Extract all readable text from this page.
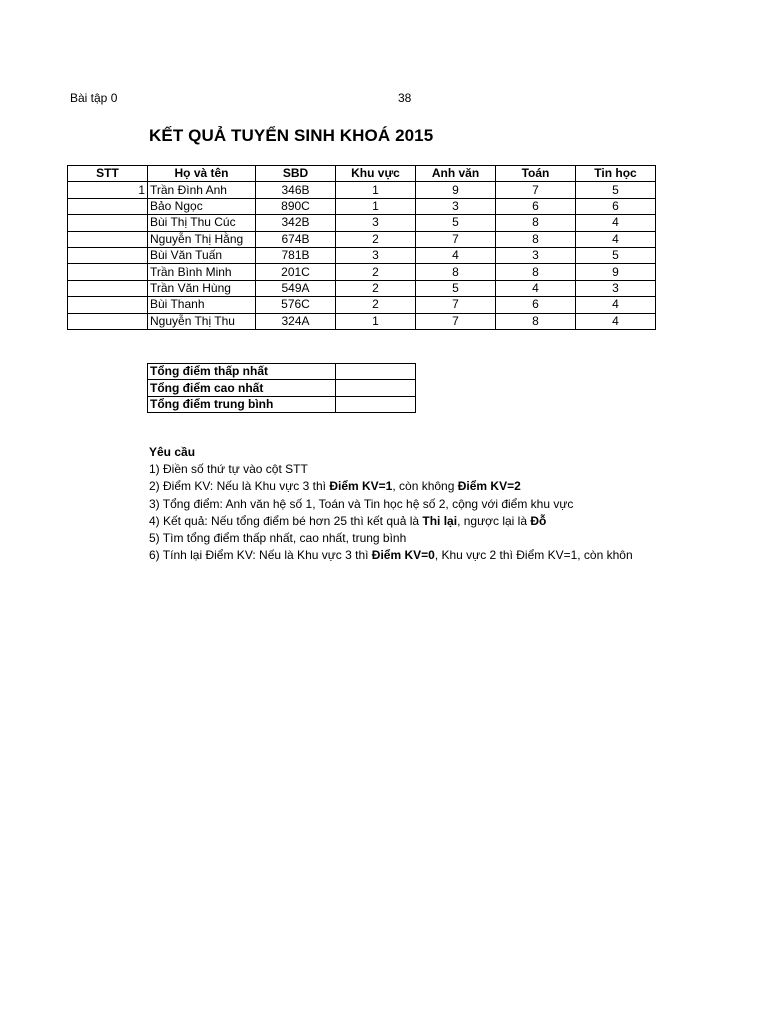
Bài tập 0	38
KẾT QUẢ TUYỂN SINH KHOÁ 2015
STT	Họ và tên	SBD	Khu vực	Anh văn	Toán	Tin học
1	Trần Đình Anh	346B	1	9	7	5
	Bảo Ngọc	890C	1	3	6	6
	Bùi Thị Thu Cúc	342B	3	5	8	4
	Nguyễn Thị Hằng	674B	2	7	8	4
	Bùi Văn Tuấn	781B	3	4	3	5
	Trần Bình Minh	201C	2	8	8	9
	Trần Văn Hùng	549A	2	5	4	3
	Bùi Thanh	576C	2	7	6	4
	Nguyễn Thị Thu	324A	1	7	8	4
Tổng điểm thấp nhất	
Tổng điểm cao nhất	
Tổng điểm trung bình	
Yêu cầu
1) Điền số thứ tự vào cột STT
2) Điểm KV: Nếu là Khu vực 3 thì Điểm KV=1, còn không Điểm KV=2
3) Tổng điểm: Anh văn hệ số 1, Toán và Tin học hệ số 2, cộng với điểm khu vực
4) Kết quả: Nếu tổng điểm bé hơn 25 thì kết quả là Thi lại, ngược lại là Đỗ
5) Tìm tổng điểm thấp nhất, cao nhất, trung bình
6) Tính lại Điểm KV: Nếu là Khu vực 3 thì Điểm KV=0, Khu vực 2 thì Điểm KV=1, còn khôn
